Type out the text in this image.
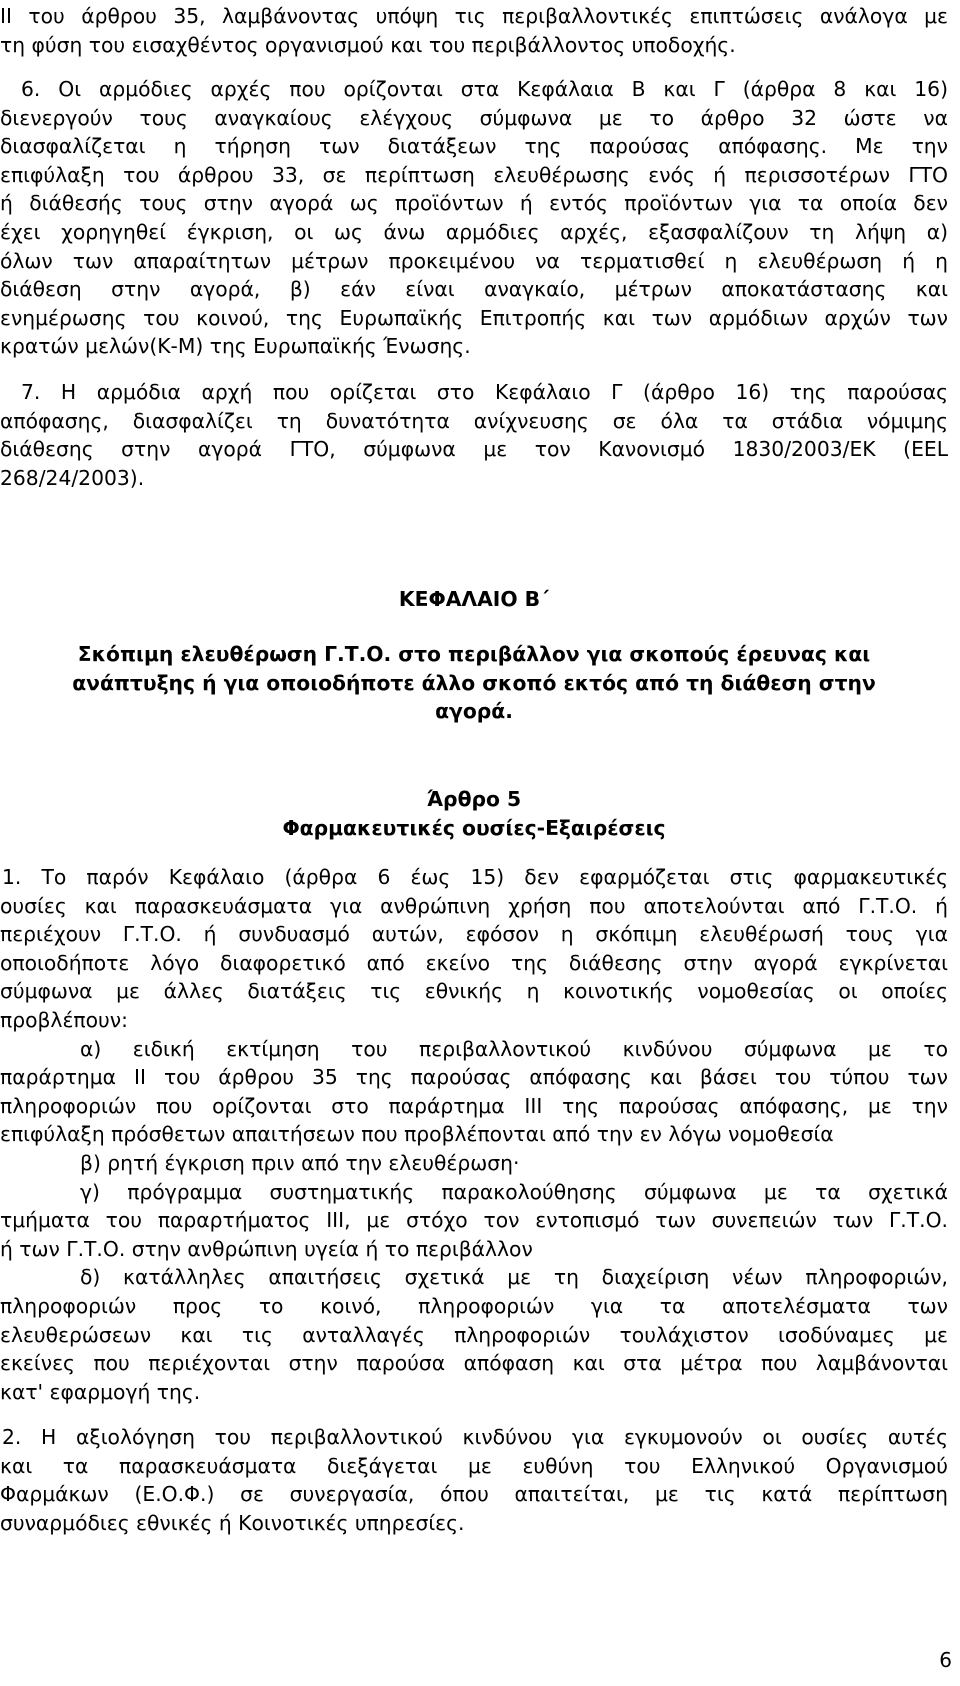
ΙΙ του άρθρου 35, λαμβάνοντας υπόψη τις περιβαλλοντικές επιπτώσεις ανάλογα με
τη φύση του εισαχθέντος οργανισμού και του περιβάλλοντος υποδοχής.
6. Οι αρμόδιες αρχές που ορίζονται στα Κεφάλαια Β και Γ (άρθρα 8 και 16)
διενεργούν τους αναγκαίους ελέγχους σύμφωνα με το άρθρο 32 ώστε να
διασφαλίζεται η τήρηση των διατάξεων της παρούσας απόφασης. Με την
επιφύλαξη του άρθρου 33, σε περίπτωση ελευθέρωσης ενός ή περισσοτέρων ΓΤΟ
ή διάθεσής τους στην αγορά ως προϊόντων ή εντός προϊόντων για τα οποία δεν
έχει χορηγηθεί έγκριση, οι ως άνω αρμόδιες αρχές, εξασφαλίζουν τη λήψη α)
όλων των απαραίτητων μέτρων προκειμένου να τερματισθεί η ελευθέρωση ή η
διάθεση στην αγορά, β) εάν είναι αναγκαίο, μέτρων αποκατάστασης και
ενημέρωσης του κοινού, της Ευρωπαϊκής Επιτροπής και των αρμόδιων αρχών των
κρατών μελών(Κ-Μ) της Ευρωπαϊκής Ένωσης.
7. Η αρμόδια αρχή που ορίζεται στο Κεφάλαιο Γ (άρθρο 16) της παρούσας
απόφασης, διασφαλίζει τη δυνατότητα ανίχνευσης σε όλα τα στάδια νόμιμης
διάθεσης στην αγορά ΓΤΟ, σύμφωνα με τον Κανονισμό 1830/2003/ΕΚ (ΕΕL
268/24/2003).
ΚΕΦΑΛΑΙΟ Β΄
Σκόπιμη ελευθέρωση Γ.Τ.Ο. στο περιβάλλον για σκοπούς έρευνας και
ανάπτυξης ή για οποιοδήποτε άλλο σκοπό εκτός από τη διάθεση στην
αγορά.
Άρθρο 5
Φαρμακευτικές ουσίες-Εξαιρέσεις
1. Το παρόν Κεφάλαιο (άρθρα 6 έως 15) δεν εφαρμόζεται στις φαρμακευτικές
ουσίες και παρασκευάσματα για ανθρώπινη χρήση που αποτελούνται από Γ.Τ.Ο. ή
περιέχουν Γ.Τ.Ο. ή συνδυασμό αυτών, εφόσον η σκόπιμη ελευθέρωσή τους για
οποιοδήποτε λόγο διαφορετικό από εκείνο της διάθεσης στην αγορά εγκρίνεται
σύμφωνα με άλλες διατάξεις τις εθνικής η κοινοτικής νομοθεσίας οι οποίες
προβλέπουν:
α) ειδική εκτίμηση του περιβαλλοντικού κινδύνου σύμφωνα με το
παράρτημα ΙΙ του άρθρου 35 της παρούσας απόφασης και βάσει του τύπου των
πληροφοριών που ορίζονται στο παράρτημα ΙΙΙ της παρούσας απόφασης, με την
επιφύλαξη πρόσθετων απαιτήσεων που προβλέπονται από την εν λόγω νομοθεσία
β) ρητή έγκριση πριν από την ελευθέρωση·
γ) πρόγραμμα συστηματικής παρακολούθησης σύμφωνα με τα σχετικά
τμήματα του παραρτήματος ΙΙΙ, με στόχο τον εντοπισμό των συνεπειών των Γ.Τ.Ο.
ή των Γ.Τ.Ο. στην ανθρώπινη υγεία ή το περιβάλλον
δ) κατάλληλες απαιτήσεις σχετικά με τη διαχείριση νέων πληροφοριών,
πληροφοριών προς το κοινό, πληροφοριών για τα αποτελέσματα των
ελευθερώσεων και τις ανταλλαγές πληροφοριών τουλάχιστον ισοδύναμες με
εκείνες που περιέχονται στην παρούσα απόφαση και στα μέτρα που λαμβάνονται
κατ' εφαρμογή της.
2. Η αξιολόγηση του περιβαλλοντικού κινδύνου για εγκυμονούν οι ουσίες αυτές
και τα παρασκευάσματα διεξάγεται με ευθύνη του Ελληνικού Οργανισμού
Φαρμάκων (Ε.Ο.Φ.) σε συνεργασία, όπου απαιτείται, με τις κατά περίπτωση
συναρμόδιες εθνικές ή Κοινοτικές υπηρεσίες.
6
